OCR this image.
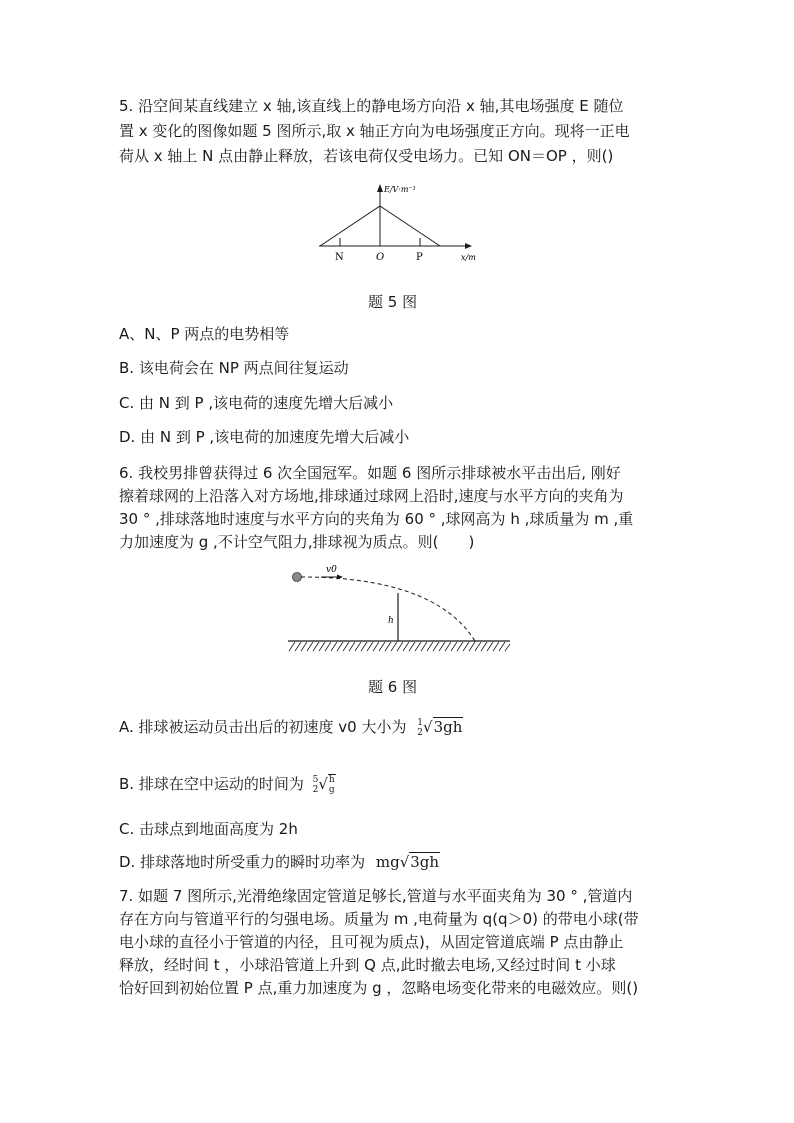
5. 沿空间某直线建立 x 轴,该直线上的静电场方向沿 x 轴,其电场强度 E 随位
置 x 变化的图像如题 5 图所示,取 x 轴正方向为电场强度正方向。现将一正电
荷从 x 轴上 N 点由静止释放，若该电荷仅受电场力。已知 ON＝OP ，则()
E/V·m⁻¹
x/m
N	O	P
题 5 图
A、N、P 两点的电势相等
B. 该电荷会在 NP 两点间往复运动
C. 由 N 到 P ,该电荷的速度先增大后减小
D. 由 N 到 P ,该电荷的加速度先增大后减小
6. 我校男排曾获得过 6 次全国冠军。如题 6 图所示排球被水平击出后, 刚好
擦着球网的上沿落入对方场地,排球通过球网上沿时,速度与水平方向的夹角为
30 ° ,排球落地时速度与水平方向的夹角为 60 ° ,球网高为 h ,球质量为 m ,重
力加速度为 g ,不计空气阻力,排球视为质点。则(　　)
v0
h
题 6 图
A. 排球被运动员击出后的初速度 v0 大小为 1
2 √3gh
B. 排球在空中运动的时间为 5
2 √ h
g
C. 击球点到地面高度为 2h
D. 排球落地时所受重力的瞬时功率为 mg√3gh
7. 如题 7 图所示,光滑绝缘固定管道足够长,管道与水平面夹角为 30 ° ,管道内
存在方向与管道平行的匀强电场。质量为 m ,电荷量为 q(q＞0) 的带电小球(带
电小球的直径小于管道的内径，且可视为质点)，从固定管道底端 P 点由静止
释放，经时间 t ，小球沿管道上升到 Q 点,此时撤去电场,又经过时间 t 小球
恰好回到初始位置 P 点,重力加速度为 g ，忽略电场变化带来的电磁效应。则()
